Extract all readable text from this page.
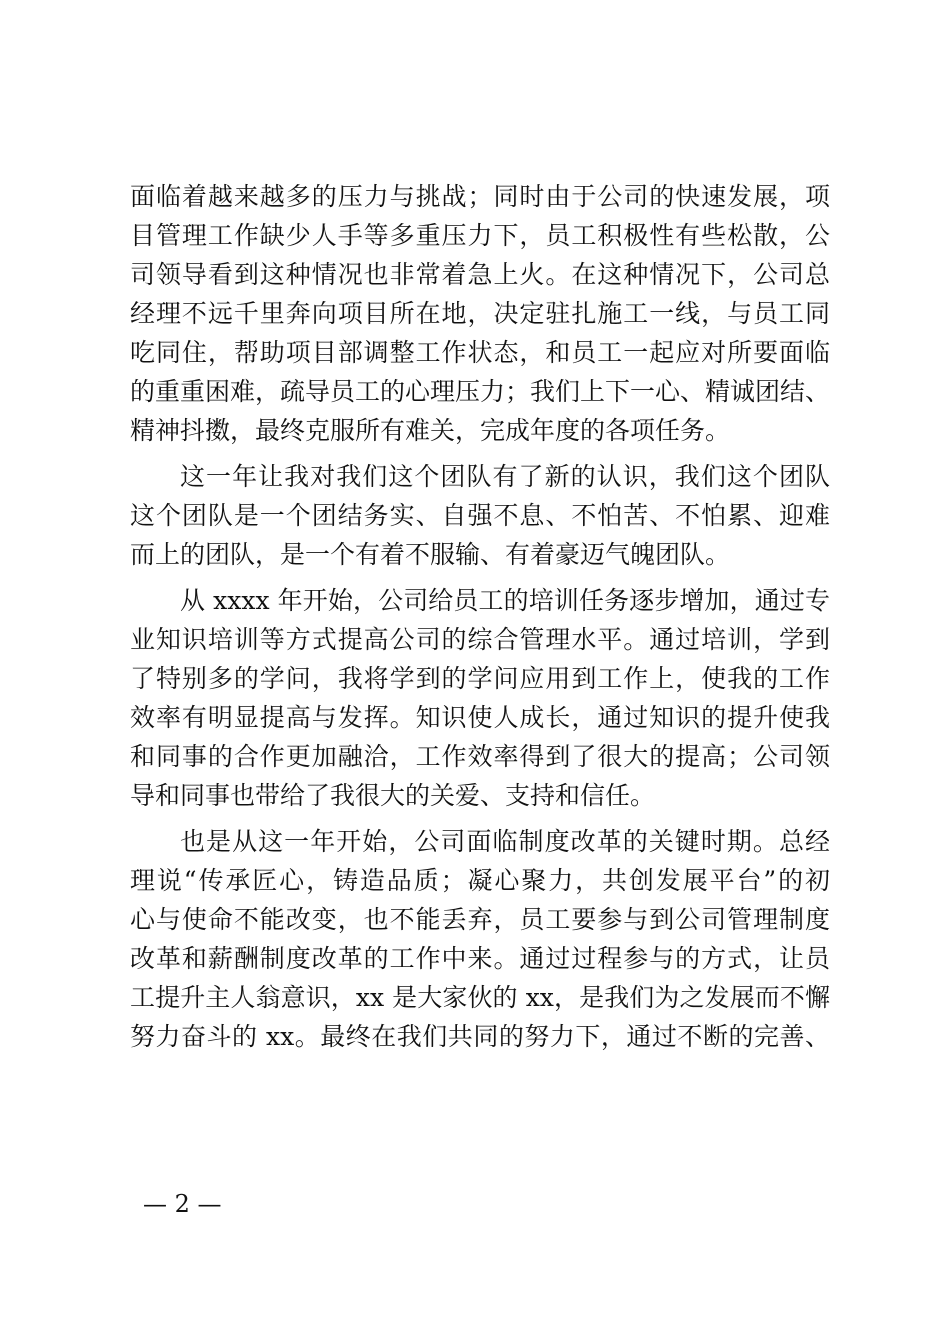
面临着越来越多的压力与挑战；同时由于公司的快速发展，项
目管理工作缺少人手等多重压力下，员工积极性有些松散，公
司领导看到这种情况也非常着急上火。在这种情况下，公司总
经理不远千里奔向项目所在地，决定驻扎施工一线，与员工同
吃同住，帮助项目部调整工作状态，和员工一起应对所要面临
的重重困难，疏导员工的心理压力；我们上下一心、精诚团结、
精神抖擞，最终克服所有难关，完成年度的各项任务。
这一年让我对我们这个团队有了新的认识，我们这个团队
这个团队是一个团结务实、自强不息、不怕苦、不怕累、迎难
而上的团队，是一个有着不服输、有着豪迈气魄团队。
从 xxxx 年开始，公司给员工的培训任务逐步增加，通过专
业知识培训等方式提高公司的综合管理水平。通过培训，学到
了特别多的学问，我将学到的学问应用到工作上，使我的工作
效率有明显提高与发挥。知识使人成长，通过知识的提升使我
和同事的合作更加融洽，工作效率得到了很大的提高；公司领
导和同事也带给了我很大的关爱、支持和信任。
也是从这一年开始，公司面临制度改革的关键时期。总经
理说“传承匠心，铸造品质；凝心聚力，共创发展平台”的初
心与使命不能改变，也不能丢弃，员工要参与到公司管理制度
改革和薪酬制度改革的工作中来。通过过程参与的方式，让员
工提升主人翁意识，xx 是大家伙的 xx，是我们为之发展而不懈
努力奋斗的 xx。最终在我们共同的努力下，通过不断的完善、
— 2 —
